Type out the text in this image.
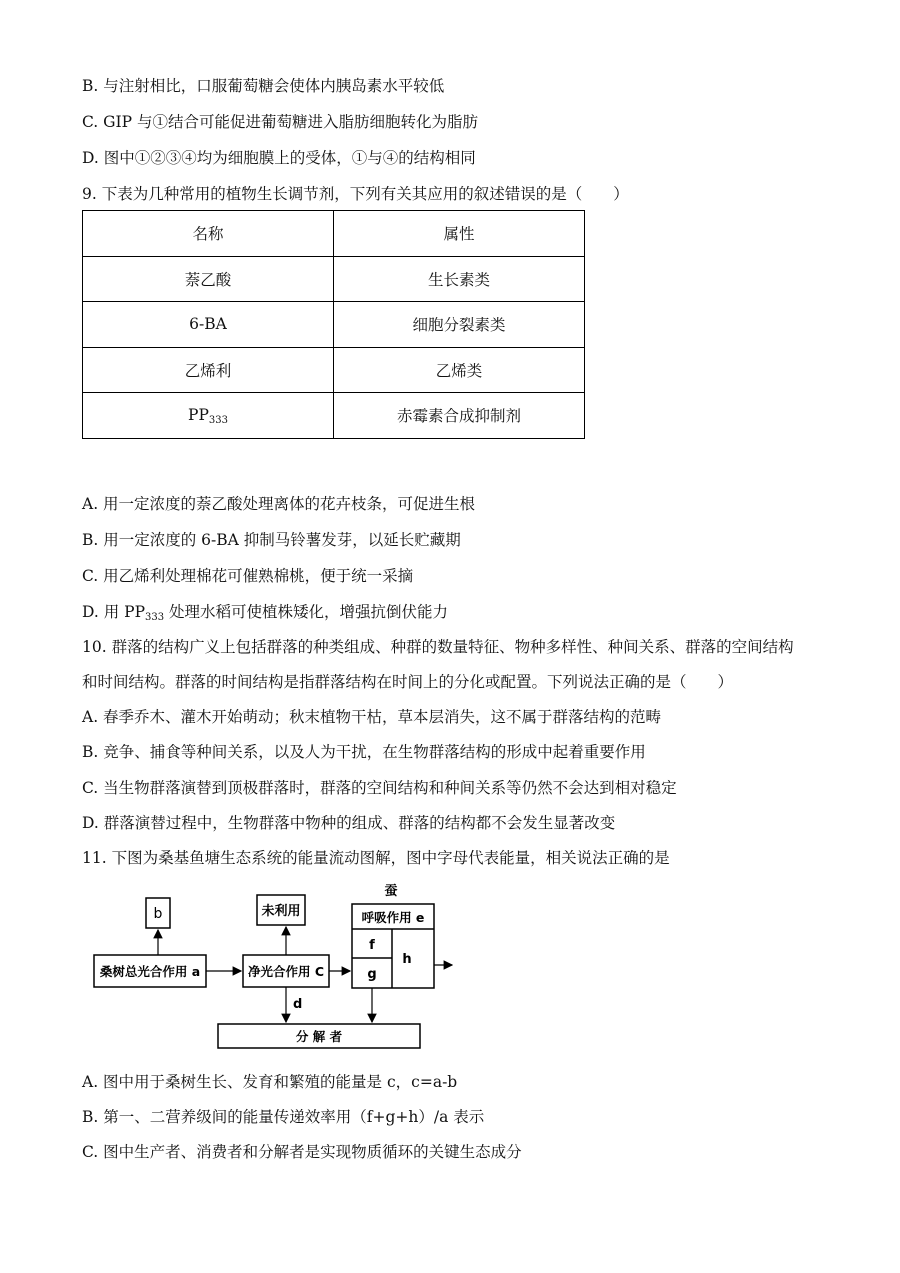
B. 与注射相比，口服葡萄糖会使体内胰岛素水平较低
C. GIP 与①结合可能促进葡萄糖进入脂肪细胞转化为脂肪
D. 图中①②③④均为细胞膜上的受体，①与④的结构相同
9. 下表为几种常用的植物生长调节剂，下列有关其应用的叙述错误的是（　　）
名称	属性
萘乙酸	生长素类
6-BA	细胞分裂素类
乙烯利	乙烯类
$PP_{333}$	赤霉素合成抑制剂
A. 用一定浓度的萘乙酸处理离体的花卉枝条，可促进生根
B. 用一定浓度的 6-BA 抑制马铃薯发芽，以延长贮藏期
C. 用乙烯利处理棉花可催熟棉桃，便于统一采摘
D. 用 $PP_{333}$ 处理水稻可使植株矮化，增强抗倒伏能力
10. 群落的结构广义上包括群落的种类组成、种群的数量特征、物种多样性、种间关系、群落的空间结构
和时间结构。群落的时间结构是指群落结构在时间上的分化或配置。下列说法正确的是（　　）
A. 春季乔木、灌木开始萌动；秋末植物干枯，草本层消失，这不属于群落结构的范畴
B. 竞争、捕食等种间关系，以及人为干扰，在生物群落结构的形成中起着重要作用
C. 当生物群落演替到顶极群落时，群落的空间结构和种间关系等仍然不会达到相对稳定
D. 群落演替过程中，生物群落中物种的组成、群落的结构都不会发生显著改变
11. 下图为桑基鱼塘生态系统的能量流动图解，图中字母代表能量，相关说法正确的是
b	未利用
蚕
呼吸作用 e
f
g
h
桑树总光合作用 a	净光合作用 C
分 解 者
d
A. 图中用于桑树生长、发育和繁殖的能量是 c，c=a-b
B. 第一、二营养级间的能量传递效率用（f+g+h）/a 表示
C. 图中生产者、消费者和分解者是实现物质循环的关键生态成分
